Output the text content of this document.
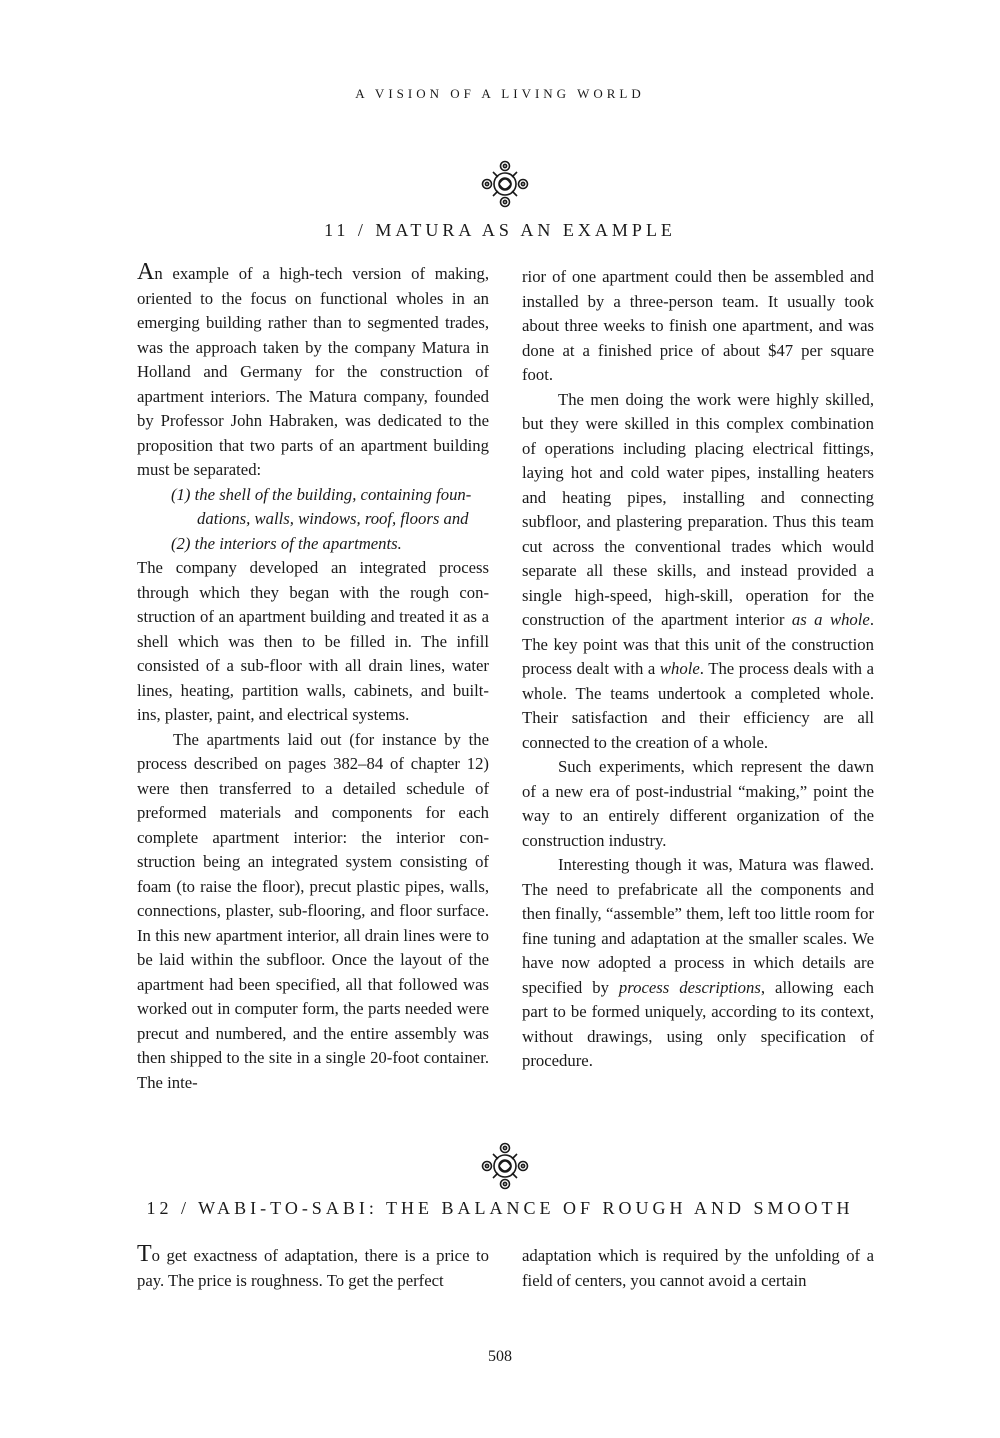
A VISION OF A LIVING WORLD
11 / MATURA AS AN EXAMPLE

An example of a high-tech version of making, oriented to the focus on functional wholes in an emerging building rather than to segmented trades, was the approach taken by the company Matura in Holland and Germany for the construction of apartment interiors. The Matura company, founded by Professor John Habraken, was dedicated to the proposition that two parts of an apartment building must be separated:

(1) the shell of the building, containing foun-

dations, walls, windows, roof, floors and

(2) the interiors of the apartments.

The company developed an integrated process through which they began with the rough construction of an apartment building and treated it as a shell which was then to be filled in. The infill consisted of a sub-floor with all drain lines, water lines, heating, partition walls, cabinets, and built-ins, plaster, paint, and electrical systems.

The apartments laid out (for instance by the process described on pages 382–84 of chapter 12) were then transferred to a detailed schedule of preformed materials and components for each complete apartment interior: the interior construction being an integrated system consisting of foam (to raise the floor), precut plastic pipes, walls, connections, plaster, sub-flooring, and floor surface. In this new apartment interior, all drain lines were to be laid within the subfloor. Once the layout of the apartment had been specified, all that followed was worked out in computer form, the parts needed were precut and numbered, and the entire assembly was then shipped to the site in a single 20-foot container. The inte-

rior of one apartment could then be assembled and installed by a three-person team. It usually took about three weeks to finish one apartment, and was done at a finished price of about $47 per square foot.

The men doing the work were highly skilled, but they were skilled in this complex combination of operations including placing electrical fittings, laying hot and cold water pipes, installing heaters and heating pipes, installing and connecting subfloor, and plastering preparation. Thus this team cut across the conventional trades which would separate all these skills, and instead provided a single high-speed, high-skill, operation for the construction of the apartment interior as a whole. The key point was that this unit of the construction process dealt with a whole. The process deals with a whole. The teams undertook a completed whole. Their satisfaction and their efficiency are all connected to the creation of a whole.

Such experiments, which represent the dawn of a new era of post-industrial “making,” point the way to an entirely different organization of the construction industry.

Interesting though it was, Matura was flawed. The need to prefabricate all the components and then finally, “assemble” them, left too little room for fine tuning and adaptation at the smaller scales. We have now adopted a process in which details are specified by process descriptions, allowing each part to be formed uniquely, according to its context, without drawings, using only specification of procedure.

12 / WABI-TO-SABI: THE BALANCE OF ROUGH AND SMOOTH

To get exactness of adaptation, there is a price to pay. The price is roughness. To get the perfect

adaptation which is required by the unfolding of a field of centers, you cannot avoid a certain

508
